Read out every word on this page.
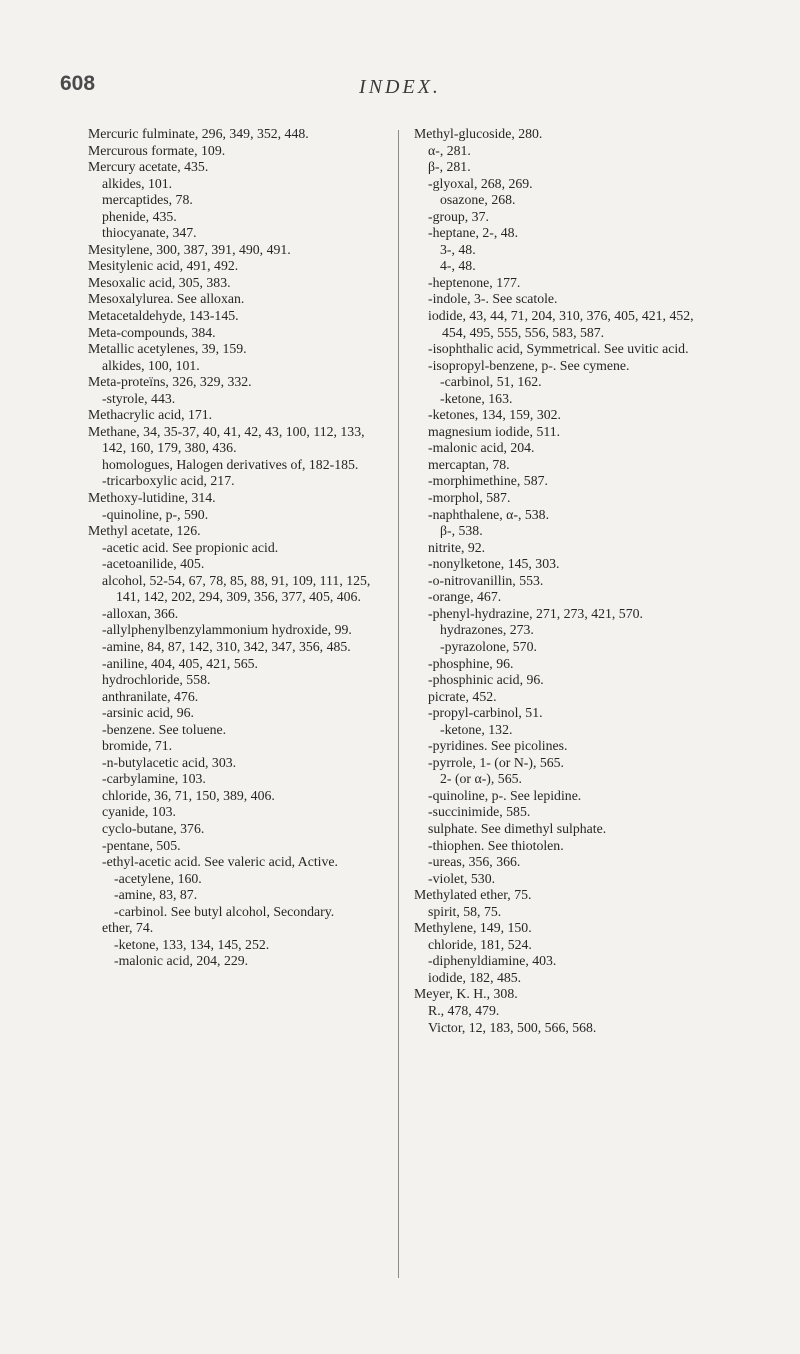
608	INDEX.

Mercuric fulminate, 296, 349, 352, 448.

Mercurous formate, 109.

Mercury acetate, 435.

alkides, 101.

mercaptides, 78.

phenide, 435.

thiocyanate, 347.

Mesitylene, 300, 387, 391, 490, 491.

Mesitylenic acid, 491, 492.

Mesoxalic acid, 305, 383.

Mesoxalylurea. See alloxan.

Metacetaldehyde, 143-145.

Meta-compounds, 384.

Metallic acetylenes, 39, 159.

alkides, 100, 101.

Meta-proteïns, 326, 329, 332.

-styrole, 443.

Methacrylic acid, 171.

Methane, 34, 35-37, 40, 41, 42, 43, 100, 112, 133, 142, 160, 179, 380, 436.

homologues, Halogen derivatives of, 182-185.

-tricarboxylic acid, 217.

Methoxy-lutidine, 314.

-quinoline, p-, 590.

Methyl acetate, 126.

-acetic acid. See propionic acid.

-acetoanilide, 405.

alcohol, 52-54, 67, 78, 85, 88, 91, 109, 111, 125, 141, 142, 202, 294, 309, 356, 377, 405, 406.

-alloxan, 366.

-allylphenylbenzylammonium hydroxide, 99.

-amine, 84, 87, 142, 310, 342, 347, 356, 485.

-aniline, 404, 405, 421, 565.

hydrochloride, 558.

anthranilate, 476.

-arsinic acid, 96.

-benzene. See toluene.

bromide, 71.

-n-butylacetic acid, 303.

-carbylamine, 103.

chloride, 36, 71, 150, 389, 406.

cyanide, 103.

cyclo-butane, 376.

-pentane, 505.

-ethyl-acetic acid. See valeric acid, Active.

-acetylene, 160.

-amine, 83, 87.

-carbinol. See butyl alcohol, Secondary.

ether, 74.

-ketone, 133, 134, 145, 252.

-malonic acid, 204, 229.

Methyl-glucoside, 280.

α-, 281.

β-, 281.

-glyoxal, 268, 269.

osazone, 268.

-group, 37.

-heptane, 2-, 48.

3-, 48.

4-, 48.

-heptenone, 177.

-indole, 3-. See scatole.

iodide, 43, 44, 71, 204, 310, 376, 405, 421, 452, 454, 495, 555, 556, 583, 587.

-isophthalic acid, Symmetrical. See uvitic acid.

-isopropyl-benzene, p-. See cymene.

-carbinol, 51, 162.

-ketone, 163.

-ketones, 134, 159, 302.

magnesium iodide, 511.

-malonic acid, 204.

mercaptan, 78.

-morphimethine, 587.

-morphol, 587.

-naphthalene, α-, 538.

β-, 538.

nitrite, 92.

-nonylketone, 145, 303.

-o-nitrovanillin, 553.

-orange, 467.

-phenyl-hydrazine, 271, 273, 421, 570.

hydrazones, 273.

-pyrazolone, 570.

-phosphine, 96.

-phosphinic acid, 96.

picrate, 452.

-propyl-carbinol, 51.

-ketone, 132.

-pyridines. See picolines.

-pyrrole, 1- (or N-), 565.

2- (or α-), 565.

-quinoline, p-. See lepidine.

-succinimide, 585.

sulphate. See dimethyl sulphate.

-thiophen. See thiotolen.

-ureas, 356, 366.

-violet, 530.

Methylated ether, 75.

spirit, 58, 75.

Methylene, 149, 150.

chloride, 181, 524.

-diphenyldiamine, 403.

iodide, 182, 485.

Meyer, K. H., 308.

R., 478, 479.

Victor, 12, 183, 500, 566, 568.
